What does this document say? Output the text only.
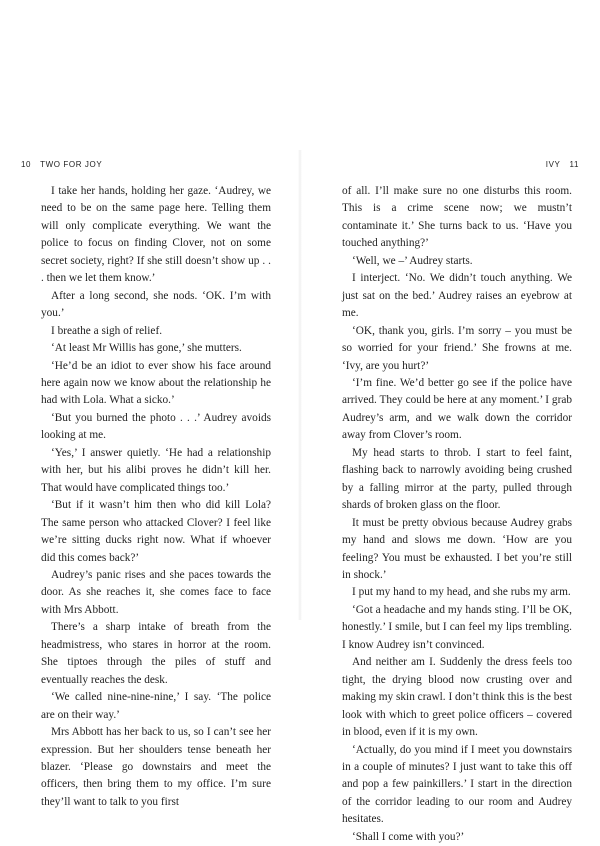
10 TWO FOR JOY	IVY 11

I take her hands, holding her gaze. ‘Audrey, we need to be on the same page here. Telling them will only complicate everything. We want the police to focus on finding Clover, not on some secret society, right? If she still doesn’t show up . . . then we let them know.’

After a long second, she nods. ‘OK. I’m with you.’

I breathe a sigh of relief.

‘At least Mr Willis has gone,’ she mutters.

‘He’d be an idiot to ever show his face around here again now we know about the relationship he had with Lola. What a sicko.’

‘But you burned the photo . . .’ Audrey avoids looking at me.

‘Yes,’ I answer quietly. ‘He had a relationship with her, but his alibi proves he didn’t kill her. That would have complicated things too.’

‘But if it wasn’t him then who did kill Lola? The same person who attacked Clover? I feel like we’re sitting ducks right now. What if whoever did this comes back?’

Audrey’s panic rises and she paces towards the door. As she reaches it, she comes face to face with Mrs Abbott.

There’s a sharp intake of breath from the headmistress, who stares in horror at the room. She tiptoes through the piles of stuff and eventually reaches the desk.

‘We called nine-nine-nine,’ I say. ‘The police are on their way.’

Mrs Abbott has her back to us, so I can’t see her expression. But her shoulders tense beneath her blazer. ‘Please go downstairs and meet the officers, then bring them to my office. I’m sure they’ll want to talk to you first

of all. I’ll make sure no one disturbs this room. This is a crime scene now; we mustn’t contaminate it.’ She turns back to us. ‘Have you touched anything?’

‘Well, we –’ Audrey starts.

I interject. ‘No. We didn’t touch anything. We just sat on the bed.’ Audrey raises an eyebrow at me.

‘OK, thank you, girls. I’m sorry – you must be so worried for your friend.’ She frowns at me. ‘Ivy, are you hurt?’

‘I’m fine. We’d better go see if the police have arrived. They could be here at any moment.’ I grab Audrey’s arm, and we walk down the corridor away from Clover’s room.

My head starts to throb. I start to feel faint, flashing back to narrowly avoiding being crushed by a falling mirror at the party, pulled through shards of broken glass on the floor.

It must be pretty obvious because Audrey grabs my hand and slows me down. ‘How are you feeling? You must be exhausted. I bet you’re still in shock.’

I put my hand to my head, and she rubs my arm.

‘Got a headache and my hands sting. I’ll be OK, honestly.’ I smile, but I can feel my lips trembling. I know Audrey isn’t convinced.

And neither am I. Suddenly the dress feels too tight, the drying blood now crusting over and making my skin crawl. I don’t think this is the best look with which to greet police officers – covered in blood, even if it is my own.

‘Actually, do you mind if I meet you downstairs in a couple of minutes? I just want to take this off and pop a few painkillers.’ I start in the direction of the corridor leading to our room and Audrey hesitates.

‘Shall I come with you?’
